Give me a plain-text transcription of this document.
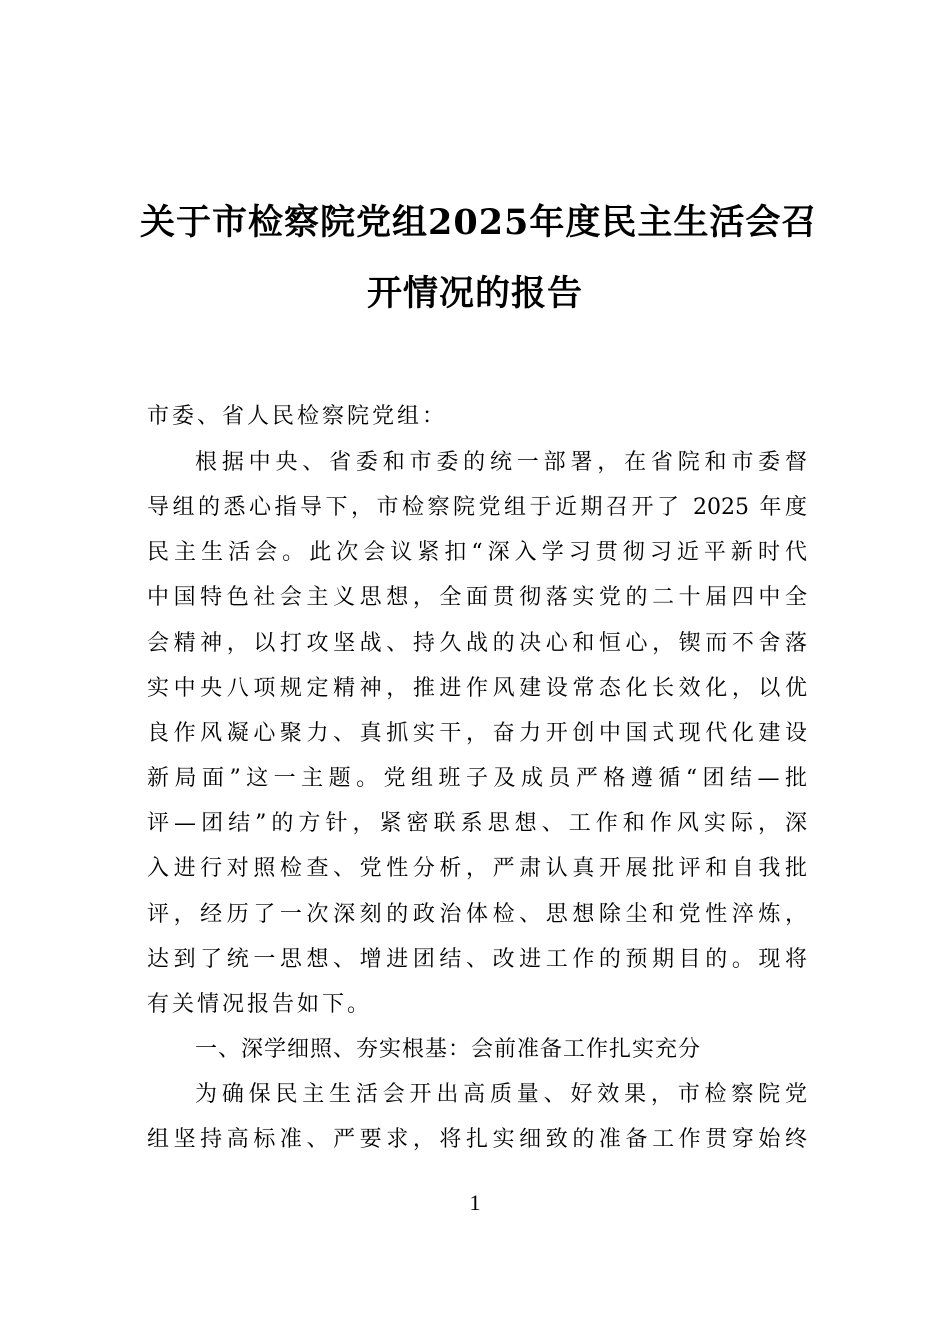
关于市检察院党组2025年度民主生活会召
开情况的报告
市委、省人民检察院党组：
根据中央、省委和市委的统一部署，在省院和市委督
导组的悉心指导下，市检察院党组于近期召开了 2025 年度
民主生活会。此次会议紧扣“深入学习贯彻习近平新时代
中国特色社会主义思想，全面贯彻落实党的二十届四中全
会精神，以打攻坚战、持久战的决心和恒心，锲而不舍落
实中央八项规定精神，推进作风建设常态化长效化，以优
良作风凝心聚力、真抓实干，奋力开创中国式现代化建设
新局面”这一主题。党组班子及成员严格遵循“团结—批
评—团结”的方针，紧密联系思想、工作和作风实际，深
入进行对照检查、党性分析，严肃认真开展批评和自我批
评，经历了一次深刻的政治体检、思想除尘和党性淬炼，
达到了统一思想、增进团结、改进工作的预期目的。现将
有关情况报告如下。
一、深学细照、夯实根基：会前准备工作扎实充分
为确保民主生活会开出高质量、好效果，市检察院党
组坚持高标准、严要求，将扎实细致的准备工作贯穿始终
1
